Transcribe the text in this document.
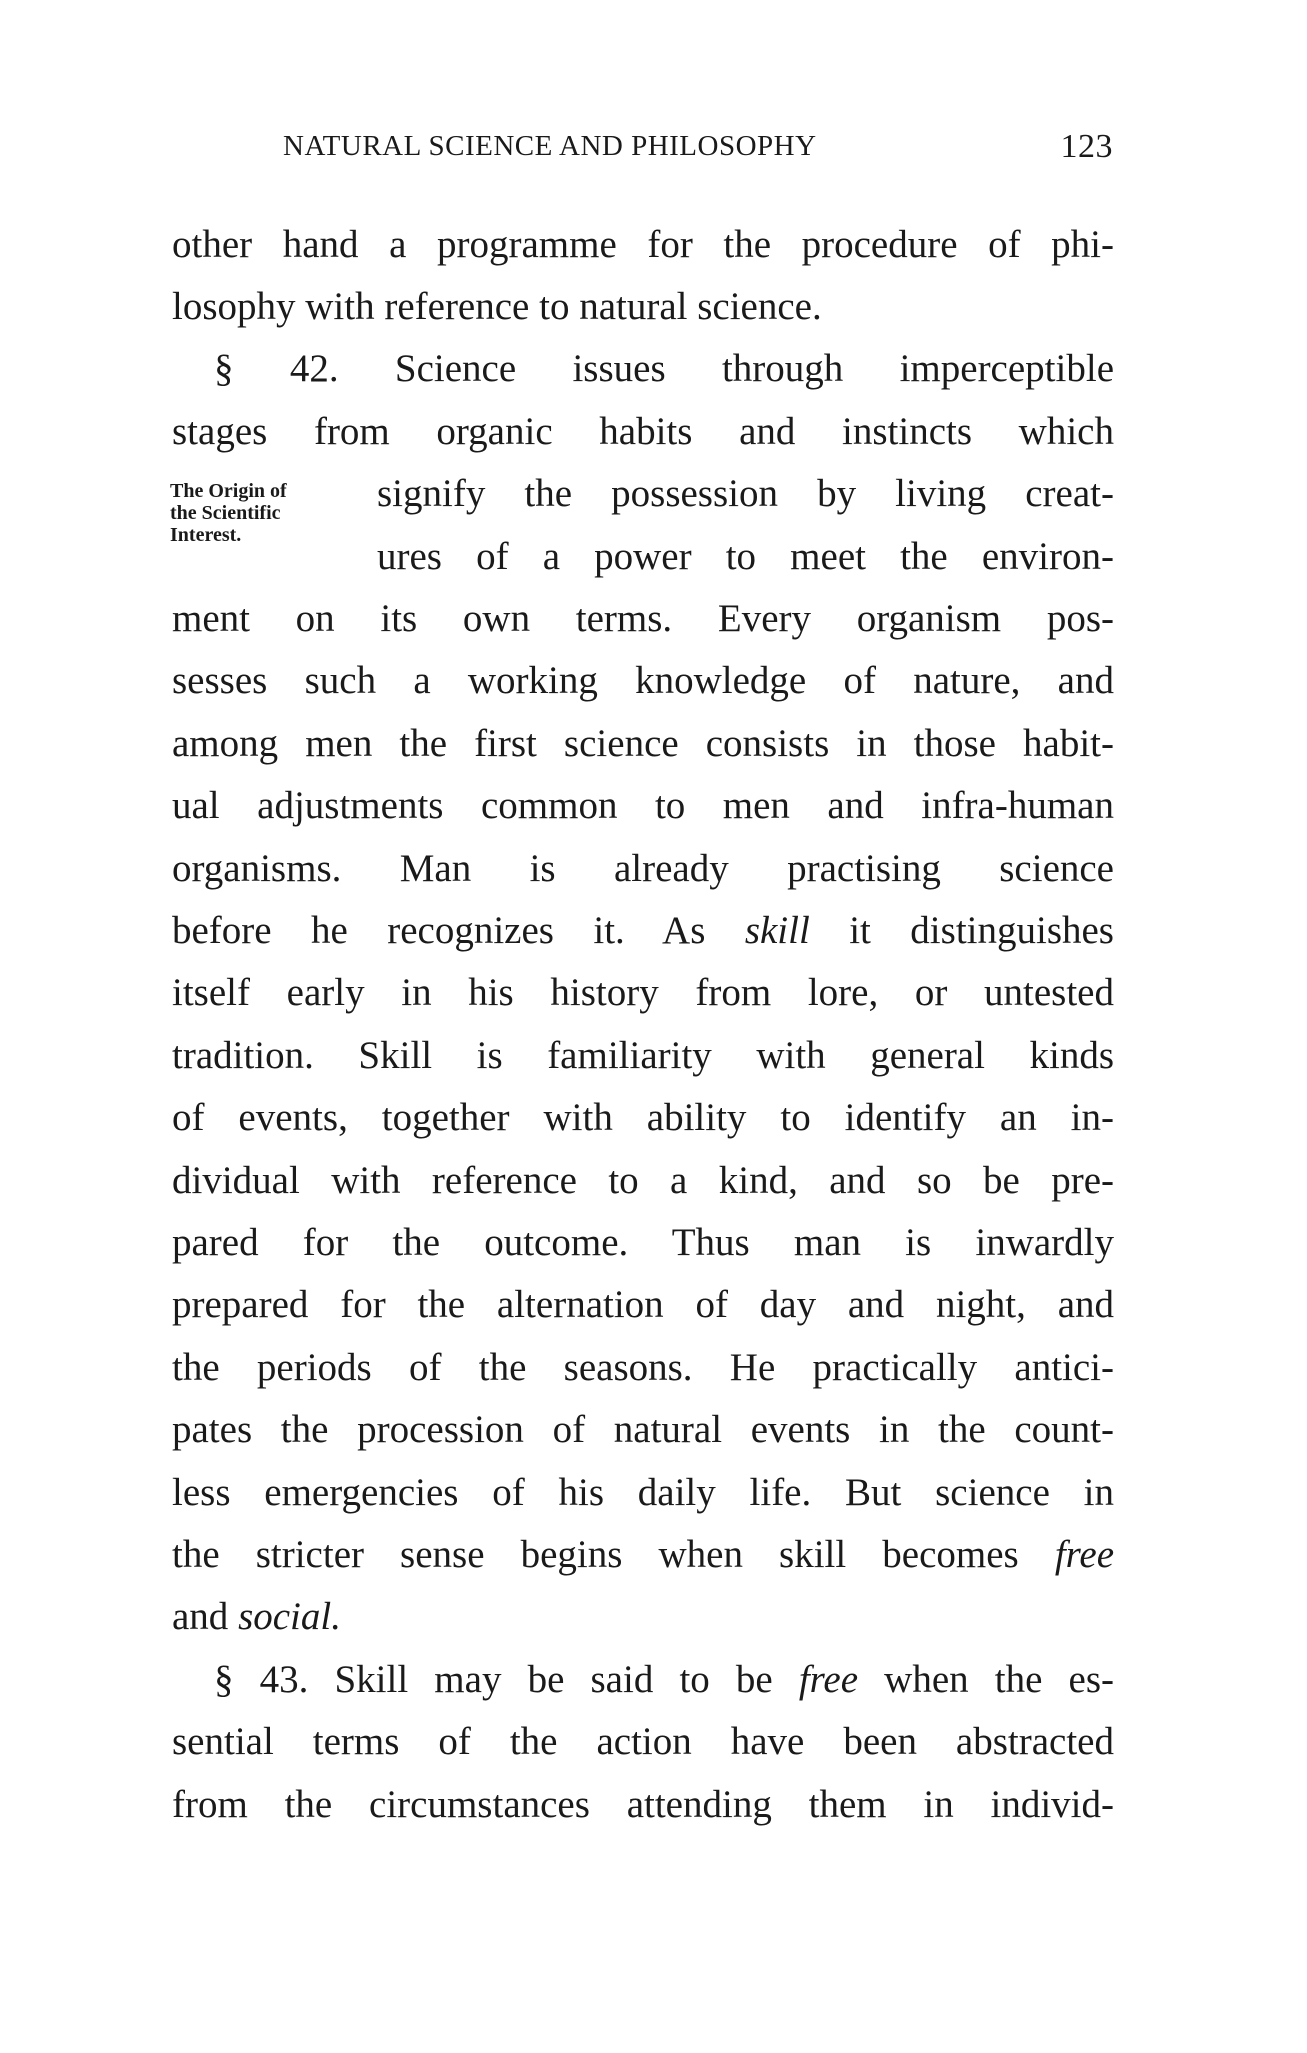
NATURAL SCIENCE AND PHILOSOPHY	123
The Origin of
the Scientific
Interest.
other hand a programme for the procedure of phi-
losophy with reference to natural science.
§ 42. Science issues through imperceptible
stages from organic habits and instincts which
signify the possession by living creat-
ures of a power to meet the environ-
ment on its own terms. Every organism pos-
sesses such a working knowledge of nature, and
among men the first science consists in those habit-
ual adjustments common to men and infra-human
organisms. Man is already practising science
before he recognizes it. As skill it distinguishes
itself early in his history from lore, or untested
tradition. Skill is familiarity with general kinds
of events, together with ability to identify an in-
dividual with reference to a kind, and so be pre-
pared for the outcome. Thus man is inwardly
prepared for the alternation of day and night, and
the periods of the seasons. He practically antici-
pates the procession of natural events in the count-
less emergencies of his daily life. But science in
the stricter sense begins when skill becomes free
and social.
§ 43. Skill may be said to be free when the es-
sential terms of the action have been abstracted
from the circumstances attending them in individ-
